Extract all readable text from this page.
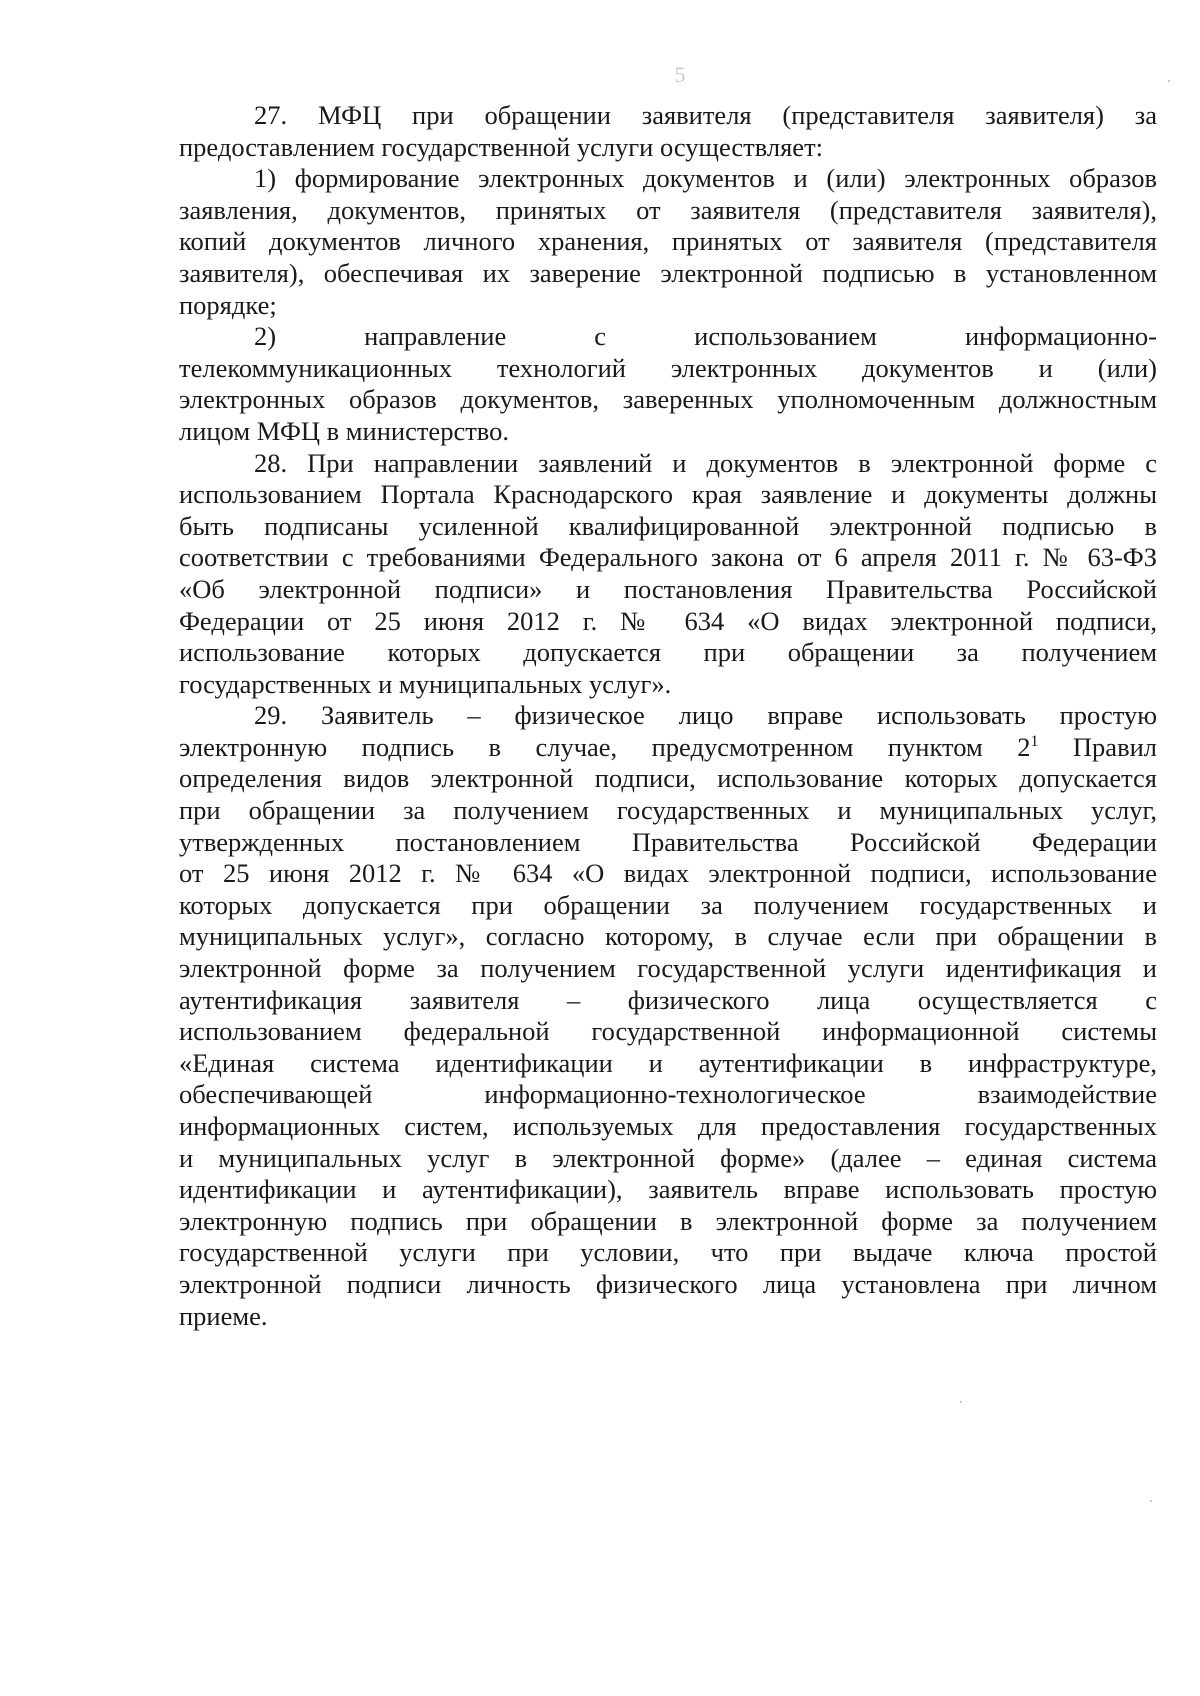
5
27. МФЦ при обращении заявителя (представителя заявителя) за
предоставлением государственной услуги осуществляет:
1) формирование электронных документов и (или) электронных образов
заявления, документов, принятых от заявителя (представителя заявителя),
копий документов личного хранения, принятых от заявителя (представителя
заявителя), обеспечивая их заверение электронной подписью в установленном
порядке;
2) направление с использованием информационно-
телекоммуникационных технологий электронных документов и (или)
электронных образов документов, заверенных уполномоченным должностным
лицом МФЦ в министерство.
28. При направлении заявлений и документов в электронной форме с
использованием Портала Краснодарского края заявление и документы должны
быть подписаны усиленной квалифицированной электронной подписью в
соответствии с требованиями Федерального закона от 6 апреля 2011 г. № 63-ФЗ
«Об электронной подписи» и постановления Правительства Российской
Федерации от 25 июня 2012 г. № 634 «О видах электронной подписи,
использование которых допускается при обращении за получением
государственных и муниципальных услуг».
29. Заявитель – физическое лицо вправе использовать простую
электронную подпись в случае, предусмотренном пунктом $2^1$ Правил
определения видов электронной подписи, использование которых допускается
при обращении за получением государственных и муниципальных услуг,
утвержденных постановлением Правительства Российской Федерации
от 25 июня 2012 г. № 634 «О видах электронной подписи, использование
которых допускается при обращении за получением государственных и
муниципальных услуг», согласно которому, в случае если при обращении в
электронной форме за получением государственной услуги идентификация и
аутентификация заявителя – физического лица осуществляется с
использованием федеральной государственной информационной системы
«Единая система идентификации и аутентификации в инфраструктуре,
обеспечивающей информационно-технологическое взаимодействие
информационных систем, используемых для предоставления государственных
и муниципальных услуг в электронной форме» (далее – единая система
идентификации и аутентификации), заявитель вправе использовать простую
электронную подпись при обращении в электронной форме за получением
государственной услуги при условии, что при выдаче ключа простой
электронной подписи личность физического лица установлена при личном
приеме.
